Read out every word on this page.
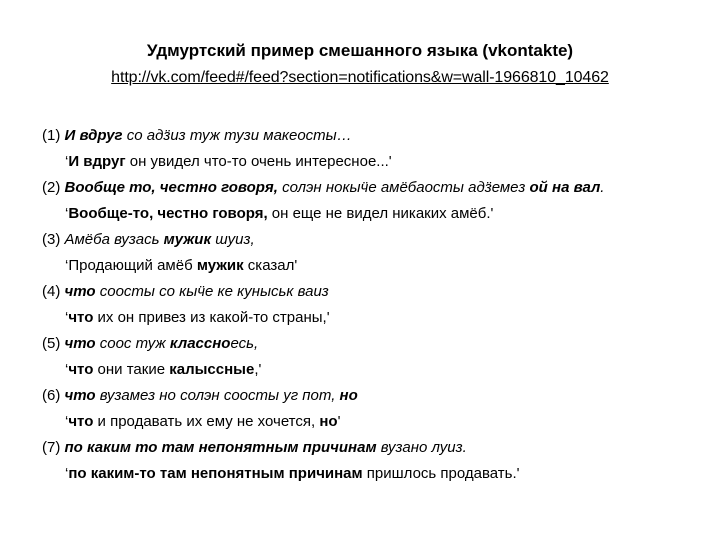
Удмуртский пример смешанного языка (vkontakte)
http://vk.com/feed#/feed?section=notifications&w=wall-1966810_10462
(1) И вдруг со адӟиз туж тузи макеосты…
‘И вдруг он увидел что-то очень интересное...'
(2) Вообще то, честно говоря, солэн нокыӵе амёбаосты адӟемез ой на вал.
‘Вообще-то, честно говоря, он еще не видел никаких амёб.'
(3) Амёба вузась мужик шуиз,
‘Продающий амёб мужик сказал'
(4) что соосты со кыӵе ке куныськ ваиз
‘что их он привез из какой-то страны,'
(5) что соос туж классноесь,
‘что они такие калыссные,'
(6) что вузамез но солэн соосты уг пот, но
‘что и продавать их ему не хочется, но'
(7) по каким то там непонятным причинам вузано луиз.
‘по каким-то там непонятным причинам пришлось продавать.'
